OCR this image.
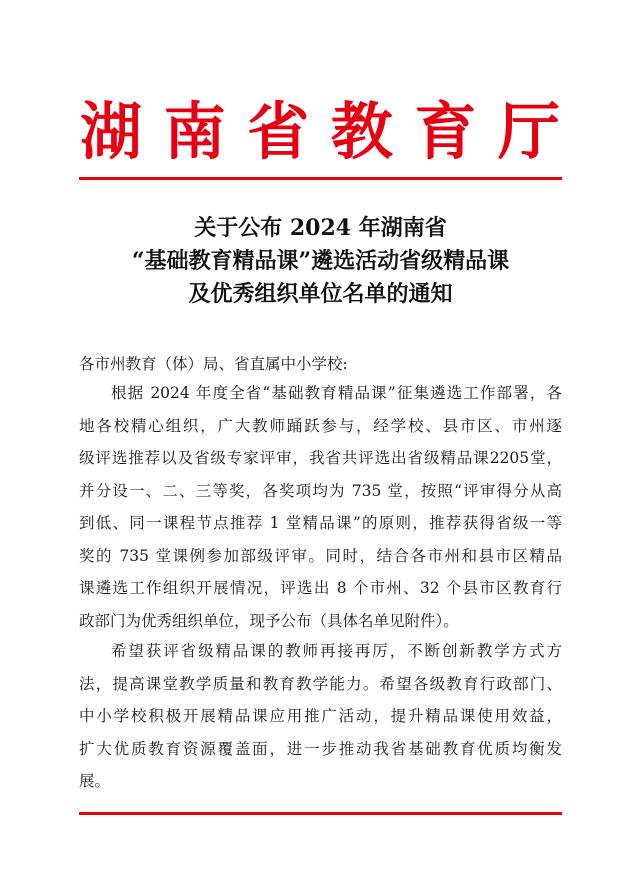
湖 南 省 教 育 厅
关于公布 2024 年湖南省
“基础教育精品课”遴选活动省级精品课
及优秀组织单位名单的通知
各市州教育（体）局、省直属中小学校:
根据 2024 年度全省“基础教育精品课”征集遴选工作部署，各
地各校精心组织，广大教师踊跃参与，经学校、县市区、市州逐
级评选推荐以及省级专家评审，我省共评选出省级精品课2205堂，
并分设一、二、三等奖，各奖项均为 735 堂，按照“评审得分从高
到低、同一课程节点推荐 1 堂精品课”的原则，推荐获得省级一等
奖的 735 堂课例参加部级评审。同时，结合各市州和县市区精品
课遴选工作组织开展情况，评选出 8 个市州、32 个县市区教育行
政部门为优秀组织单位，现予公布（具体名单见附件）。
希望获评省级精品课的教师再接再厉，不断创新教学方式方
法，提高课堂教学质量和教育教学能力。希望各级教育行政部门、
中小学校积极开展精品课应用推广活动，提升精品课使用效益，
扩大优质教育资源覆盖面，进一步推动我省基础教育优质均衡发
展。
